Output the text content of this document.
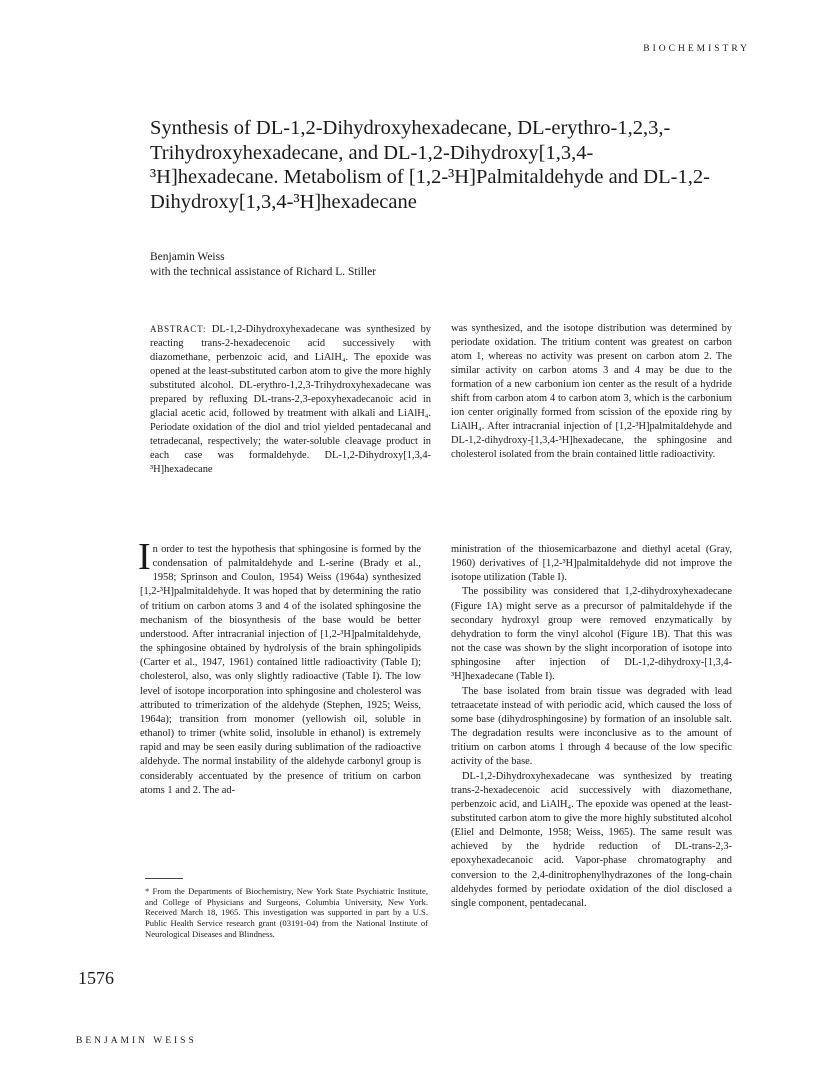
BIOCHEMISTRY
Synthesis of DL-1,2-Dihydroxyhexadecane, DL-erythro-1,2,3,-Trihydroxyhexadecane, and DL-1,2-Dihydroxy[1,3,4-³H]hexadecane. Metabolism of [1,2-³H]Palmitaldehyde and DL-1,2-Dihydroxy[1,3,4-³H]hexadecane
Benjamin Weiss
with the technical assistance of Richard L. Stiller
ABSTRACT: DL-1,2-Dihydroxyhexadecane was synthesized by reacting trans-2-hexadecenoic acid successively with diazomethane, perbenzoic acid, and LiAlH₄. The epoxide was opened at the least-substituted carbon atom to give the more highly substituted alcohol. DL-erythro-1,2,3-Trihydroxyhexadecane was prepared by refluxing DL-trans-2,3-epoxyhexadecanoic acid in glacial acetic acid, followed by treatment with alkali and LiAlH₄. Periodate oxidation of the diol and triol yielded pentadecanal and tetradecanal, respectively; the water-soluble cleavage product in each case was formaldehyde. DL-1,2-Dihydroxy[1,3,4-³H]hexadecane
was synthesized, and the isotope distribution was determined by periodate oxidation. The tritium content was greatest on carbon atom 1, whereas no activity was present on carbon atom 2. The similar activity on carbon atoms 3 and 4 may be due to the formation of a new carbonium ion center as the result of a hydride shift from carbon atom 4 to carbon atom 3, which is the carbonium ion center originally formed from scission of the epoxide ring by LiAlH₄. After intracranial injection of [1,2-³H]palmitaldehyde and DL-1,2-dihydroxy-[1,3,4-³H]hexadecane, the sphingosine and cholesterol isolated from the brain contained little radioactivity.

In order to test the hypothesis that sphingosine is formed by the condensation of palmitaldehyde and L-serine (Brady et al., 1958; Sprinson and Coulon, 1954) Weiss (1964a) synthesized [1,2-³H]palmitaldehyde. It was hoped that by determining the ratio of tritium on carbon atoms 3 and 4 of the isolated sphingosine the mechanism of the biosynthesis of the base would be better understood. After intracranial injection of [1,2-³H]palmitaldehyde, the sphingosine obtained by hydrolysis of the brain sphingolipids (Carter et al., 1947, 1961) contained little radioactivity (Table I); cholesterol, also, was only slightly radioactive (Table I). The low level of isotope incorporation into sphingosine and cholesterol was attributed to trimerization of the aldehyde (Stephen, 1925; Weiss, 1964a); transition from monomer (yellowish oil, soluble in ethanol) to trimer (white solid, insoluble in ethanol) is extremely rapid and may be seen easily during sublimation of the radioactive aldehyde. The normal instability of the aldehyde carbonyl group is considerably accentuated by the presence of tritium on carbon atoms 1 and 2. The ad-

ministration of the thiosemicarbazone and diethyl acetal (Gray, 1960) derivatives of [1,2-³H]palmitaldehyde did not improve the isotope utilization (Table I).

The possibility was considered that 1,2-dihydroxyhexadecane (Figure 1A) might serve as a precursor of palmitaldehyde if the secondary hydroxyl group were removed enzymatically by dehydration to form the vinyl alcohol (Figure 1B). That this was not the case was shown by the slight incorporation of isotope into sphingosine after injection of DL-1,2-dihydroxy-[1,3,4-³H]hexadecane (Table I).

The base isolated from brain tissue was degraded with lead tetraacetate instead of with periodic acid, which caused the loss of some base (dihydrosphingosine) by formation of an insoluble salt. The degradation results were inconclusive as to the amount of tritium on carbon atoms 1 through 4 because of the low specific activity of the base.

DL-1,2-Dihydroxyhexadecane was synthesized by treating trans-2-hexadecenoic acid successively with diazomethane, perbenzoic acid, and LiAlH₄. The epoxide was opened at the least-substituted carbon atom to give the more highly substituted alcohol (Eliel and Delmonte, 1958; Weiss, 1965). The same result was achieved by the hydride reduction of DL-trans-2,3-epoxyhexadecanoic acid. Vapor-phase chromatography and conversion to the 2,4-dinitrophenylhydrazones of the long-chain aldehydes formed by periodate oxidation of the diol disclosed a single component, pentadecanal.

* From the Departments of Biochemistry, New York State Psychiatric Institute, and College of Physicians and Surgeons, Columbia University, New York. Received March 18, 1965. This investigation was supported in part by a U.S. Public Health Service research grant (03191-04) from the National Institute of Neurological Diseases and Blindness.
1576
BENJAMIN WEISS
